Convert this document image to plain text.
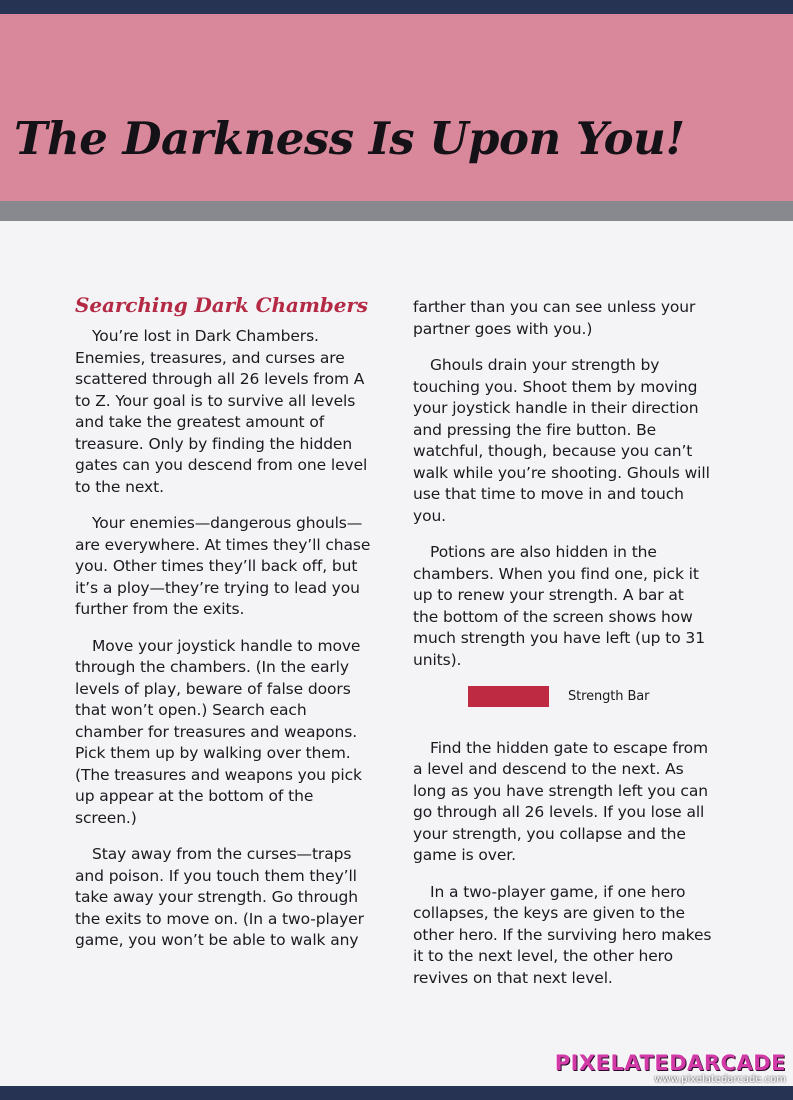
The Darkness Is Upon You!
Searching Dark Chambers

You’re lost in Dark Chambers. Enemies, treasures, and curses are scattered through all 26 levels from A to Z. Your goal is to survive all levels and take the greatest amount of treasure. Only by finding the hidden gates can you descend from one level to the next.

Your enemies—dangerous ghouls—are everywhere. At times they’ll chase you. Other times they’ll back off, but it’s a ploy—they’re trying to lead you further from the exits.

Move your joystick handle to move through the chambers. (In the early levels of play, beware of false doors that won’t open.) Search each chamber for treasures and weapons. Pick them up by walking over them. (The treasures and weapons you pick up appear at the bottom of the screen.)

Stay away from the curses—traps and poison. If you touch them they’ll take away your strength. Go through the exits to move on. (In a two-player game, you won’t be able to walk any

farther than you can see unless your partner goes with you.)

Ghouls drain your strength by touching you. Shoot them by moving your joystick handle in their direction and pressing the fire button. Be watchful, though, because you can’t walk while you’re shooting. Ghouls will use that time to move in and touch you.

Potions are also hidden in the chambers. When you find one, pick it up to renew your strength. A bar at the bottom of the screen shows how much strength you have left (up to 31 units).

Strength Bar

Find the hidden gate to escape from a level and descend to the next. As long as you have strength left you can go through all 26 levels. If you lose all your strength, you collapse and the game is over.

In a two-player game, if one hero collapses, the keys are given to the other hero. If the surviving hero makes it to the next level, the other hero revives on that next level.

PIXELATEDARCADE
www.pixelatedarcade.com
